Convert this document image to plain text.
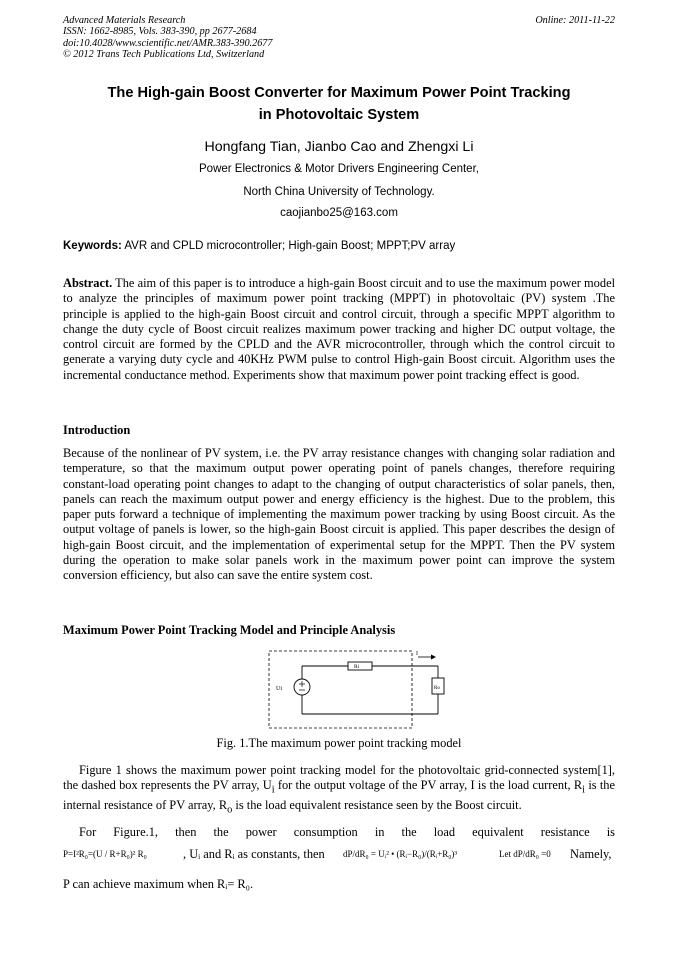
Advanced Materials Research
ISSN: 1662-8985, Vols. 383-390, pp 2677-2684
doi:10.4028/www.scientific.net/AMR.383-390.2677
© 2012 Trans Tech Publications Ltd, Switzerland
Online: 2011-11-22
The High-gain Boost Converter for Maximum Power Point Tracking
in Photovoltaic System
Hongfang Tian, Jianbo Cao and Zhengxi Li
Power Electronics & Motor Drivers Engineering Center,
North China University of Technology.
caojianbo25@163.com
Keywords: AVR and CPLD microcontroller; High-gain Boost; MPPT;PV array

Abstract. The aim of this paper is to introduce a high-gain Boost circuit and to use the maximum power model to analyze the principles of maximum power point tracking (MPPT) in photovoltaic (PV) system .The principle is applied to the high-gain Boost circuit and control circuit, through a specific MPPT algorithm to change the duty cycle of Boost circuit realizes maximum power tracking and higher DC output voltage, the control circuit are formed by the CPLD and the AVR microcontroller, through which the control circuit to generate a varying duty cycle and 40KHz PWM pulse to control High-gain Boost circuit. Algorithm uses the incremental conductance method. Experiments show that maximum power point tracking effect is good.

Introduction

Because of the nonlinear of PV system, i.e. the PV array resistance changes with changing solar radiation and temperature, so that the maximum output power operating point of panels changes, therefore requiring constant-load operating point changes to adapt to the changing of output characteristics of solar panels, then, panels can reach the maximum output power and energy efficiency is the highest. Due to the problem, this paper puts forward a technique of implementing the maximum power tracking by using Boost circuit. As the output voltage of panels is lower, so the high-gain Boost circuit is applied. This paper describes the design of high-gain Boost circuit, and the implementation of experimental setup for the MPPT. Then the PV system during the operation to make solar panels work in the maximum power point can improve the system conversion efficiency, but also can save the entire system cost.

Maximum Power Point Tracking Model and Principle Analysis
Ui
Ri
I
Ro
Fig. 1.The maximum power point tracking model

Figure 1 shows the maximum power point tracking model for the photovoltaic grid-connected system[1], the dashed box represents the PV array, $U_i$ for the output voltage of the PV array, I is the load current, $R_i$ is the internal resistance of PV array, $R_o$ is the load equivalent resistance seen by the Boost circuit.

For Figure.1, then the power consumption in the load equivalent resistance is
P=I²R₀=(U / R+R₀)² R₀	, Uᵢ and Rᵢ as constants, then dP/dR₀ = Uᵢ² • (Rᵢ−R₀)/(Rᵢ+R₀)³	Let dP/dR₀ =0 Namely,
P can achieve maximum when Rᵢ= R₀.
